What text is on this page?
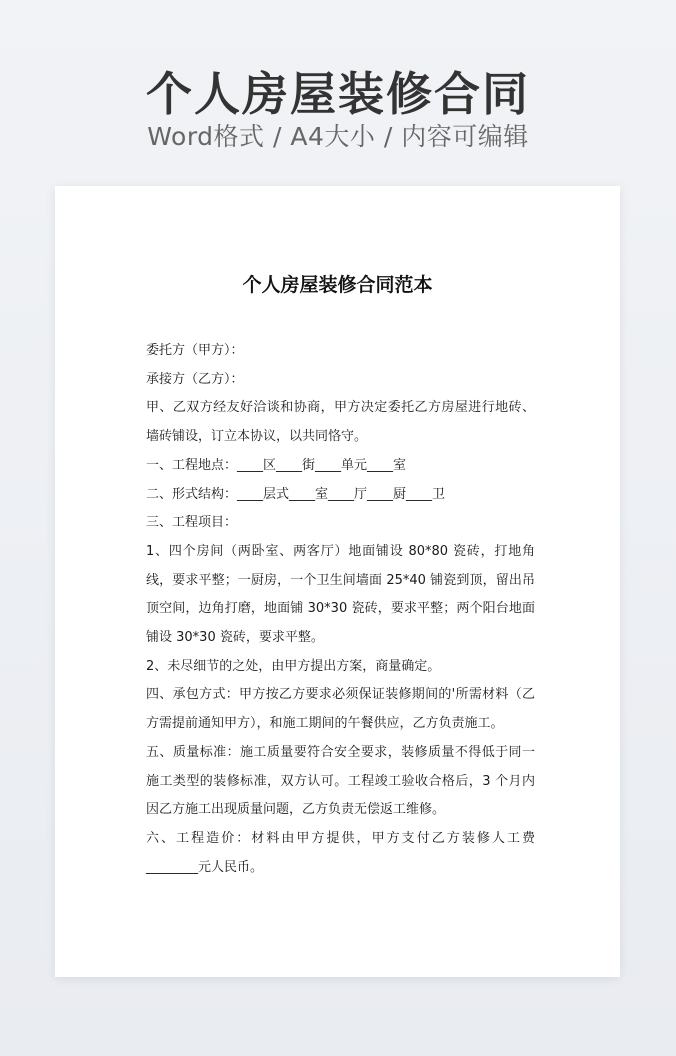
个人房屋装修合同
Word格式 / A4大小 / 内容可编辑
个人房屋装修合同范本

委托方（甲方）：

承接方（乙方）：

甲、乙双方经友好洽谈和协商，甲方决定委托乙方房屋进行地砖、墙砖铺设，订立本协议，以共同恪守。

一、工程地点：____区____街____单元____室

二、形式结构：____层式____室____厅____厨____卫

三、工程项目：

1、四个房间（两卧室、两客厅）地面铺设 80*80 瓷砖，打地角线，要求平整；一厨房，一个卫生间墙面 25*40 铺瓷到顶，留出吊顶空间，边角打磨，地面铺 30*30 瓷砖，要求平整；两个阳台地面铺设 30*30 瓷砖，要求平整。

2、未尽细节的之处，由甲方提出方案，商量确定。

四、承包方式：甲方按乙方要求必须保证装修期间的'所需材料（乙方需提前通知甲方），和施工期间的午餐供应，乙方负责施工。

五、质量标准：施工质量要符合安全要求，装修质量不得低于同一施工类型的装修标准，双方认可。工程竣工验收合格后，3 个月内因乙方施工出现质量问题，乙方负责无偿返工维修。

六、工程造价：材料由甲方提供，甲方支付乙方装修人工费________元人民币。
